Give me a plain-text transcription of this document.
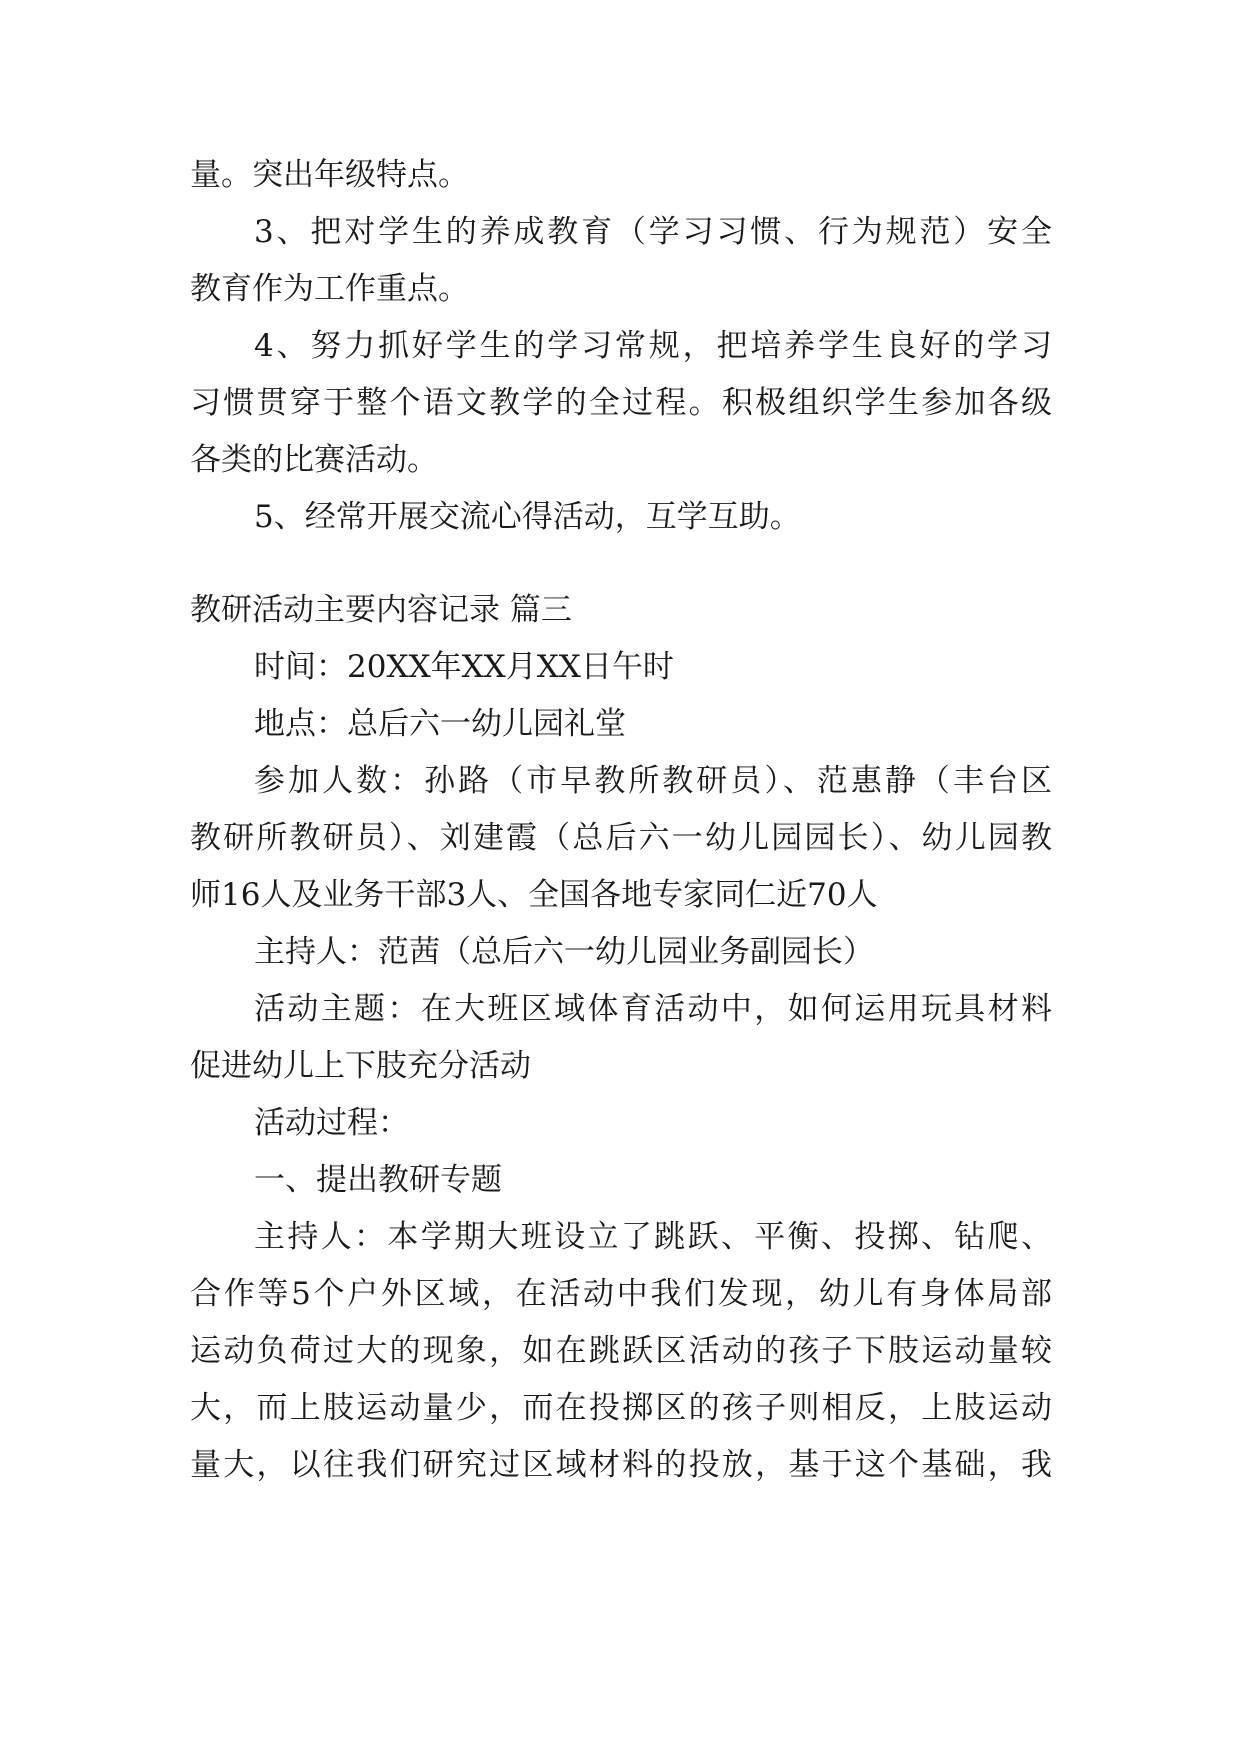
量。突出年级特点。
3、把对学生的养成教育（学习习惯、行为规范）安全
教育作为工作重点。
4、努力抓好学生的学习常规，把培养学生良好的学习
习惯贯穿于整个语文教学的全过程。积极组织学生参加各级
各类的比赛活动。
5、经常开展交流心得活动，互学互助。
教研活动主要内容记录 篇三
时间：20XX年XX月XX日午时
地点：总后六一幼儿园礼堂
参加人数：孙路（市早教所教研员）、范惠静（丰台区
教研所教研员）、刘建霞（总后六一幼儿园园长）、幼儿园教
师16人及业务干部3人、全国各地专家同仁近70人
主持人：范茜（总后六一幼儿园业务副园长）
活动主题：在大班区域体育活动中，如何运用玩具材料
促进幼儿上下肢充分活动
活动过程：
一、提出教研专题
主持人：本学期大班设立了跳跃、平衡、投掷、钻爬、
合作等5个户外区域，在活动中我们发现，幼儿有身体局部
运动负荷过大的现象，如在跳跃区活动的孩子下肢运动量较
大，而上肢运动量少，而在投掷区的孩子则相反，上肢运动
量大，以往我们研究过区域材料的投放，基于这个基础，我
